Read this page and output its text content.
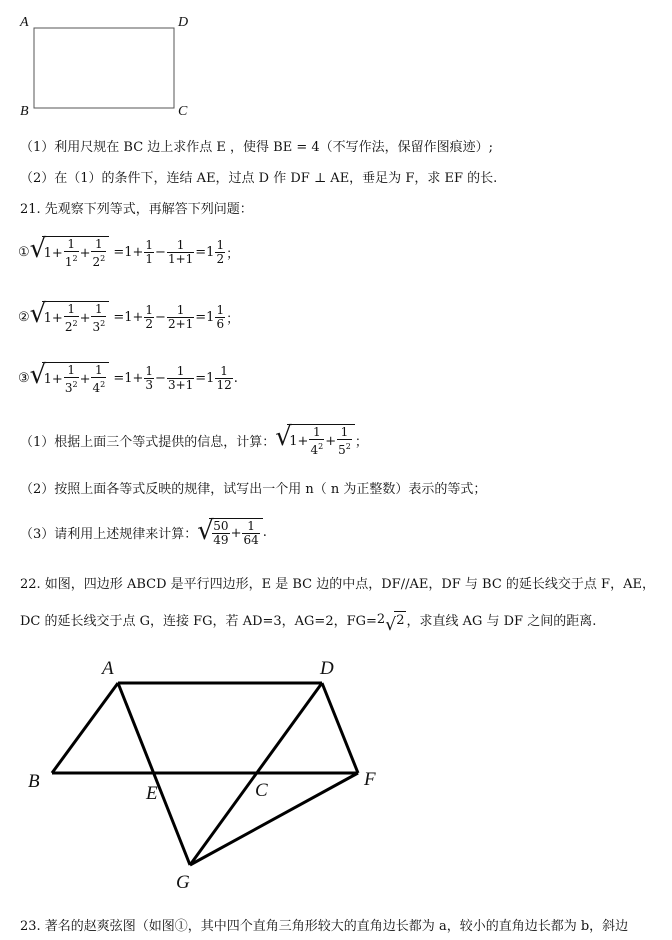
A	D
B	C
（1）利用尺规在 BC 边上求作点 E ，使得 BE = 4（不写作法，保留作图痕迹）;
（2）在（1）的条件下，连结 AE，过点 D 作 DF ⊥ AE，垂足为 F，求 EF 的长.
21. 先观察下列等式，再解答下列问题：
① √
$1+ \frac{1}{1^2} + \frac{1}{2^2} =1+ \frac{1}{1} - \frac{1}{1+1} =1 \frac{1}{2}$ ；
② √
$1+ \frac{1}{2^2} + \frac{1}{3^2} =1+ \frac{1}{2} - \frac{1}{2+1} =1 \frac{1}{6}$ ；
③ √
$1+ \frac{1}{3^2} + \frac{1}{4^2} =1+ \frac{1}{3} - \frac{1}{3+1} =1 \frac{1}{12}$ .
（1）根据上面三个等式提供的信息，计算： √
$1+ \frac{1}{4^2} + \frac{1}{5^2}$ ；
（2）按照上面各等式反映的规律，试写出一个用 n（ n 为正整数）表示的等式；
（3）请利用上述规律来计算： √
$\frac{50}{49} + \frac{1}{64}$ .
22. 如图，四边形 ABCD 是平行四边形，E 是 BC 边的中点，DF//AE，DF 与 BC 的延长线交于点 F，AE，
DC 的延长线交于点 G，连接 FG，若 AD=3，AG=2，FG= 2 √ 2 ，求直线 AG 与 DF 之间的距离.
A	D
B
E	C
F
G
23. 著名的赵爽弦图（如图①，其中四个直角三角形较大的直角边长都为 a，较小的直角边长都为 b，斜边
